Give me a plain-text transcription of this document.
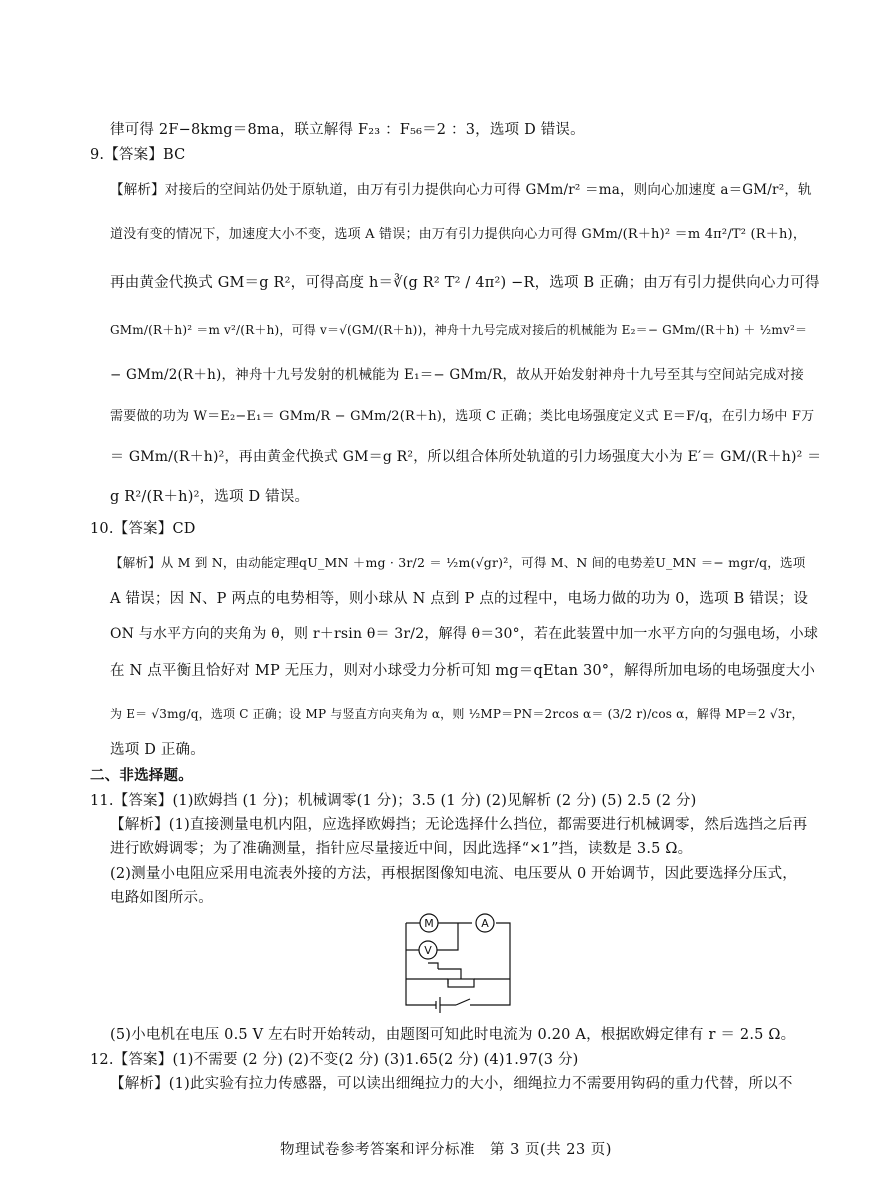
律可得 2F−8kmg＝8ma，联立解得 F₂₃ ：F₅₆＝2 ：3，选项 D 错误。
9.【答案】BC
【解析】对接后的空间站仍处于原轨道，由万有引力提供向心力可得 GMm/r² ＝ma，则向心加速度 a＝GM/r²，轨
道没有变的情况下，加速度大小不变，选项 A 错误；由万有引力提供向心力可得 GMm/(R＋h)² ＝m 4π²/T² (R＋h)，
再由黄金代换式 GM＝g R²，可得高度 h＝∛(g R² T² / 4π²) −R，选项 B 正确；由万有引力提供向心力可得
GMm/(R＋h)² ＝m v²/(R＋h)，可得 v＝√(GM/(R＋h))，神舟十九号完成对接后的机械能为 E₂＝− GMm/(R＋h) ＋ ½mv²＝
− GMm/2(R＋h)，神舟十九号发射的机械能为 E₁＝− GMm/R，故从开始发射神舟十九号至其与空间站完成对接
需要做的功为 W＝E₂−E₁＝ GMm/R − GMm/2(R＋h)，选项 C 正确；类比电场强度定义式 E＝F/q，在引力场中 F万
＝ GMm/(R＋h)²，再由黄金代换式 GM＝g R²，所以组合体所处轨道的引力场强度大小为 E′＝ GM/(R＋h)² ＝
g R²/(R＋h)²，选项 D 错误。
10.【答案】CD
【解析】从 M 到 N，由动能定理qU_MN ＋mg · 3r/2 ＝ ½m(√gr)²，可得 M、N 间的电势差U_MN ＝− mgr/q，选项
A 错误；因 N、P 两点的电势相等，则小球从 N 点到 P 点的过程中，电场力做的功为 0，选项 B 错误；设
ON 与水平方向的夹角为 θ，则 r＋rsin θ＝ 3r/2，解得 θ＝30°，若在此装置中加一水平方向的匀强电场，小球
在 N 点平衡且恰好对 MP 无压力，则对小球受力分析可知 mg＝qEtan 30°，解得所加电场的电场强度大小
为 E＝ √3mg/q，选项 C 正确；设 MP 与竖直方向夹角为 α，则 ½MP＝PN＝2rcos α＝ (3/2 r)/cos α，解得 MP＝2 √3r，
选项 D 正确。
二、非选择题。
11.【答案】(1)欧姆挡 (1 分)；机械调零(1 分)；3.5 (1 分) (2)见解析 (2 分) (5) 2.5 (2 分)
【解析】(1)直接测量电机内阻，应选择欧姆挡；无论选择什么挡位，都需要进行机械调零，然后选挡之后再
进行欧姆调零；为了准确测量，指针应尽量接近中间，因此选择“×1”挡，读数是 3.5 Ω。
(2)测量小电阻应采用电流表外接的方法，再根据图像知电流、电压要从 0 开始调节，因此要选择分压式，
电路如图所示。
M	A
V
(5)小电机在电压 0.5 V 左右时开始转动，由题图可知此时电流为 0.20 A，根据欧姆定律有 r ＝ 2.5 Ω。
12.【答案】(1)不需要 (2 分) (2)不变(2 分) (3)1.65(2 分) (4)1.97(3 分)
【解析】(1)此实验有拉力传感器，可以读出细绳拉力的大小，细绳拉力不需要用钩码的重力代替，所以不
物理试卷参考答案和评分标准　第 3 页(共 23 页)
